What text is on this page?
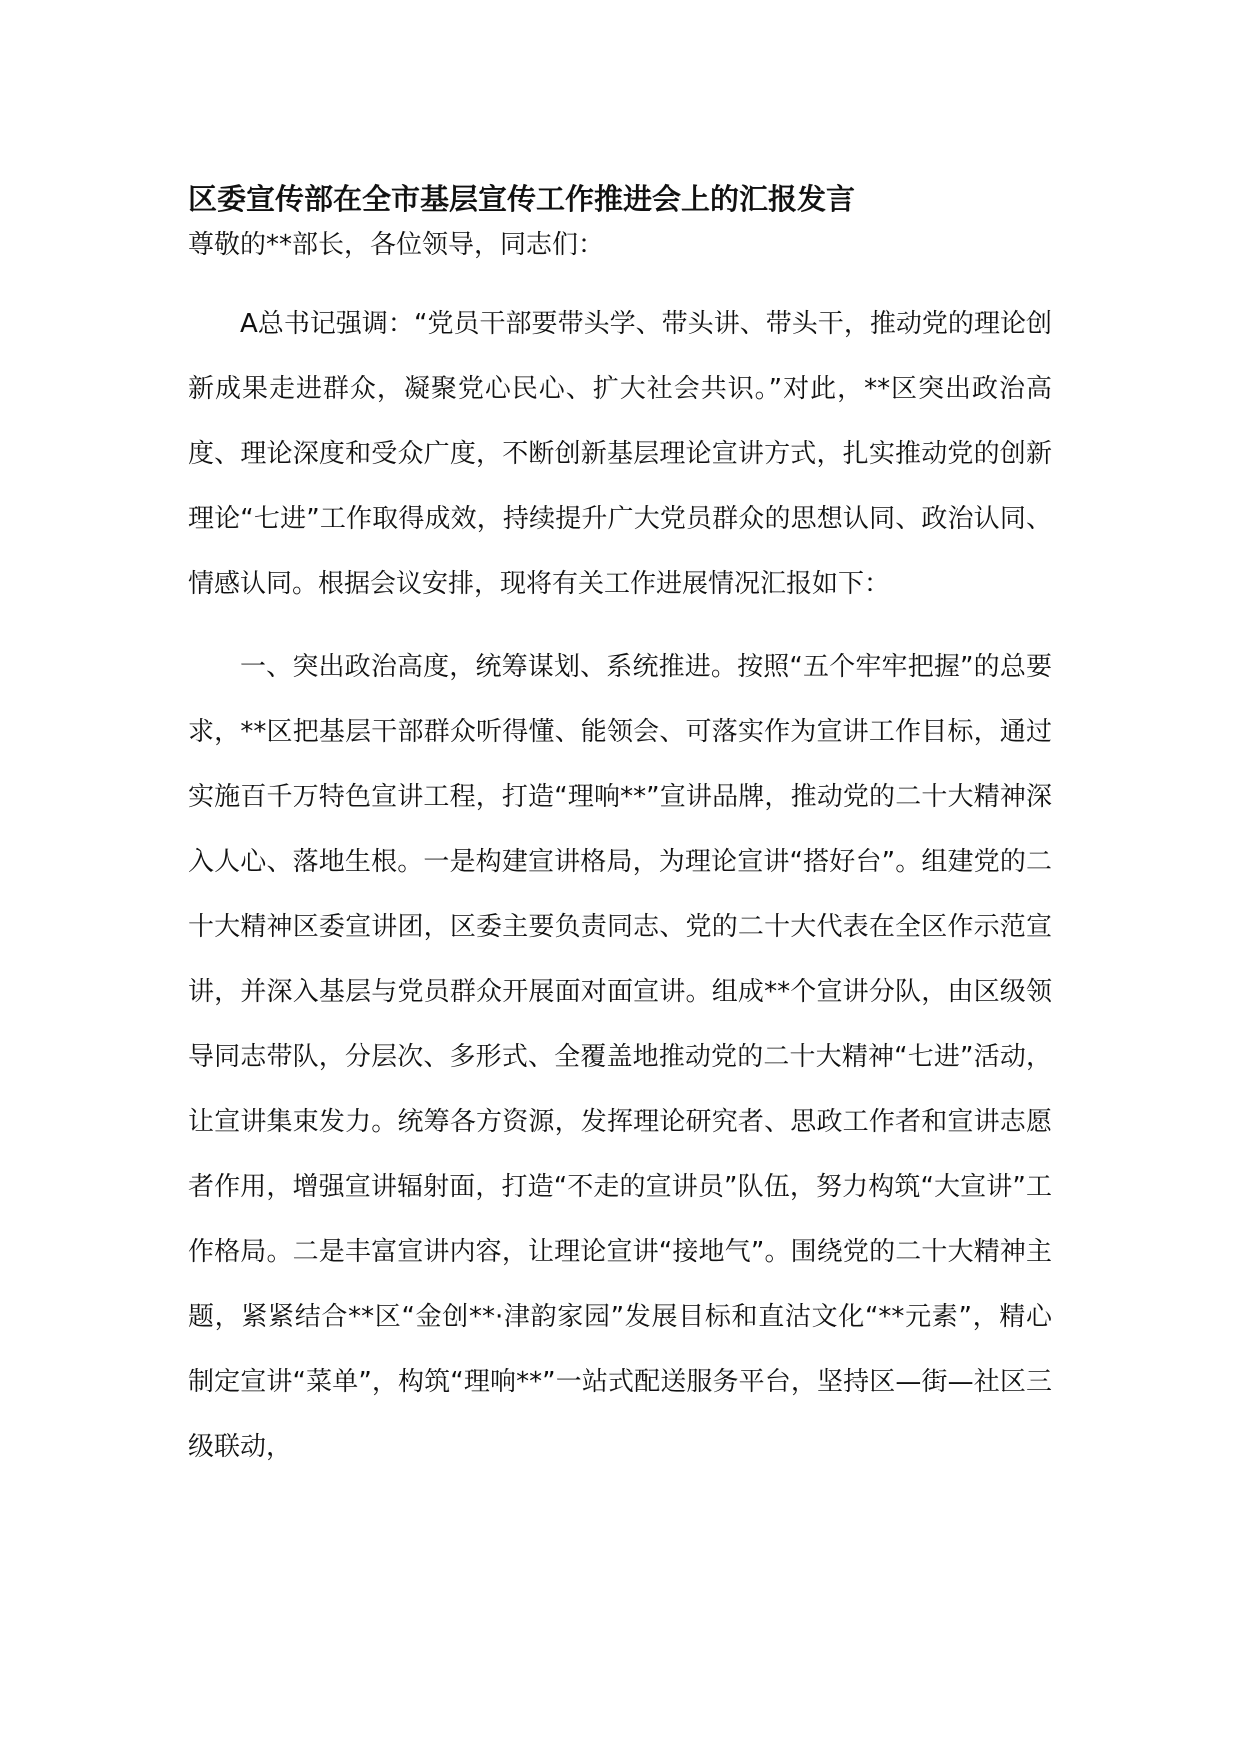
区委宣传部在全市基层宣传工作推进会上的汇报发言

尊敬的**部长，各位领导，同志们：

A总书记强调：“党员干部要带头学、带头讲、带头干，推动党的理论创新成果走进群众，凝聚党心民心、扩大社会共识。”对此，**区突出政治高度、理论深度和受众广度，不断创新基层理论宣讲方式，扎实推动党的创新理论“七进”工作取得成效，持续提升广大党员群众的思想认同、政治认同、情感认同。根据会议安排，现将有关工作进展情况汇报如下：

一、突出政治高度，统筹谋划、系统推进。按照“五个牢牢把握”的总要求，**区把基层干部群众听得懂、能领会、可落实作为宣讲工作目标，通过实施百千万特色宣讲工程，打造“理响**”宣讲品牌，推动党的二十大精神深入人心、落地生根。一是构建宣讲格局，为理论宣讲“搭好台”。组建党的二十大精神区委宣讲团，区委主要负责同志、党的二十大代表在全区作示范宣讲，并深入基层与党员群众开展面对面宣讲。组成**个宣讲分队，由区级领导同志带队，分层次、多形式、全覆盖地推动党的二十大精神“七进”活动，让宣讲集束发力。统筹各方资源，发挥理论研究者、思政工作者和宣讲志愿者作用，增强宣讲辐射面，打造“不走的宣讲员”队伍，努力构筑“大宣讲”工作格局。二是丰富宣讲内容，让理论宣讲“接地气”。围绕党的二十大精神主题，紧紧结合**区“金创**·津韵家园”发展目标和直沽文化“**元素”，精心制定宣讲“菜单”，构筑“理响**”一站式配送服务平台，坚持区—街—社区三级联动，
